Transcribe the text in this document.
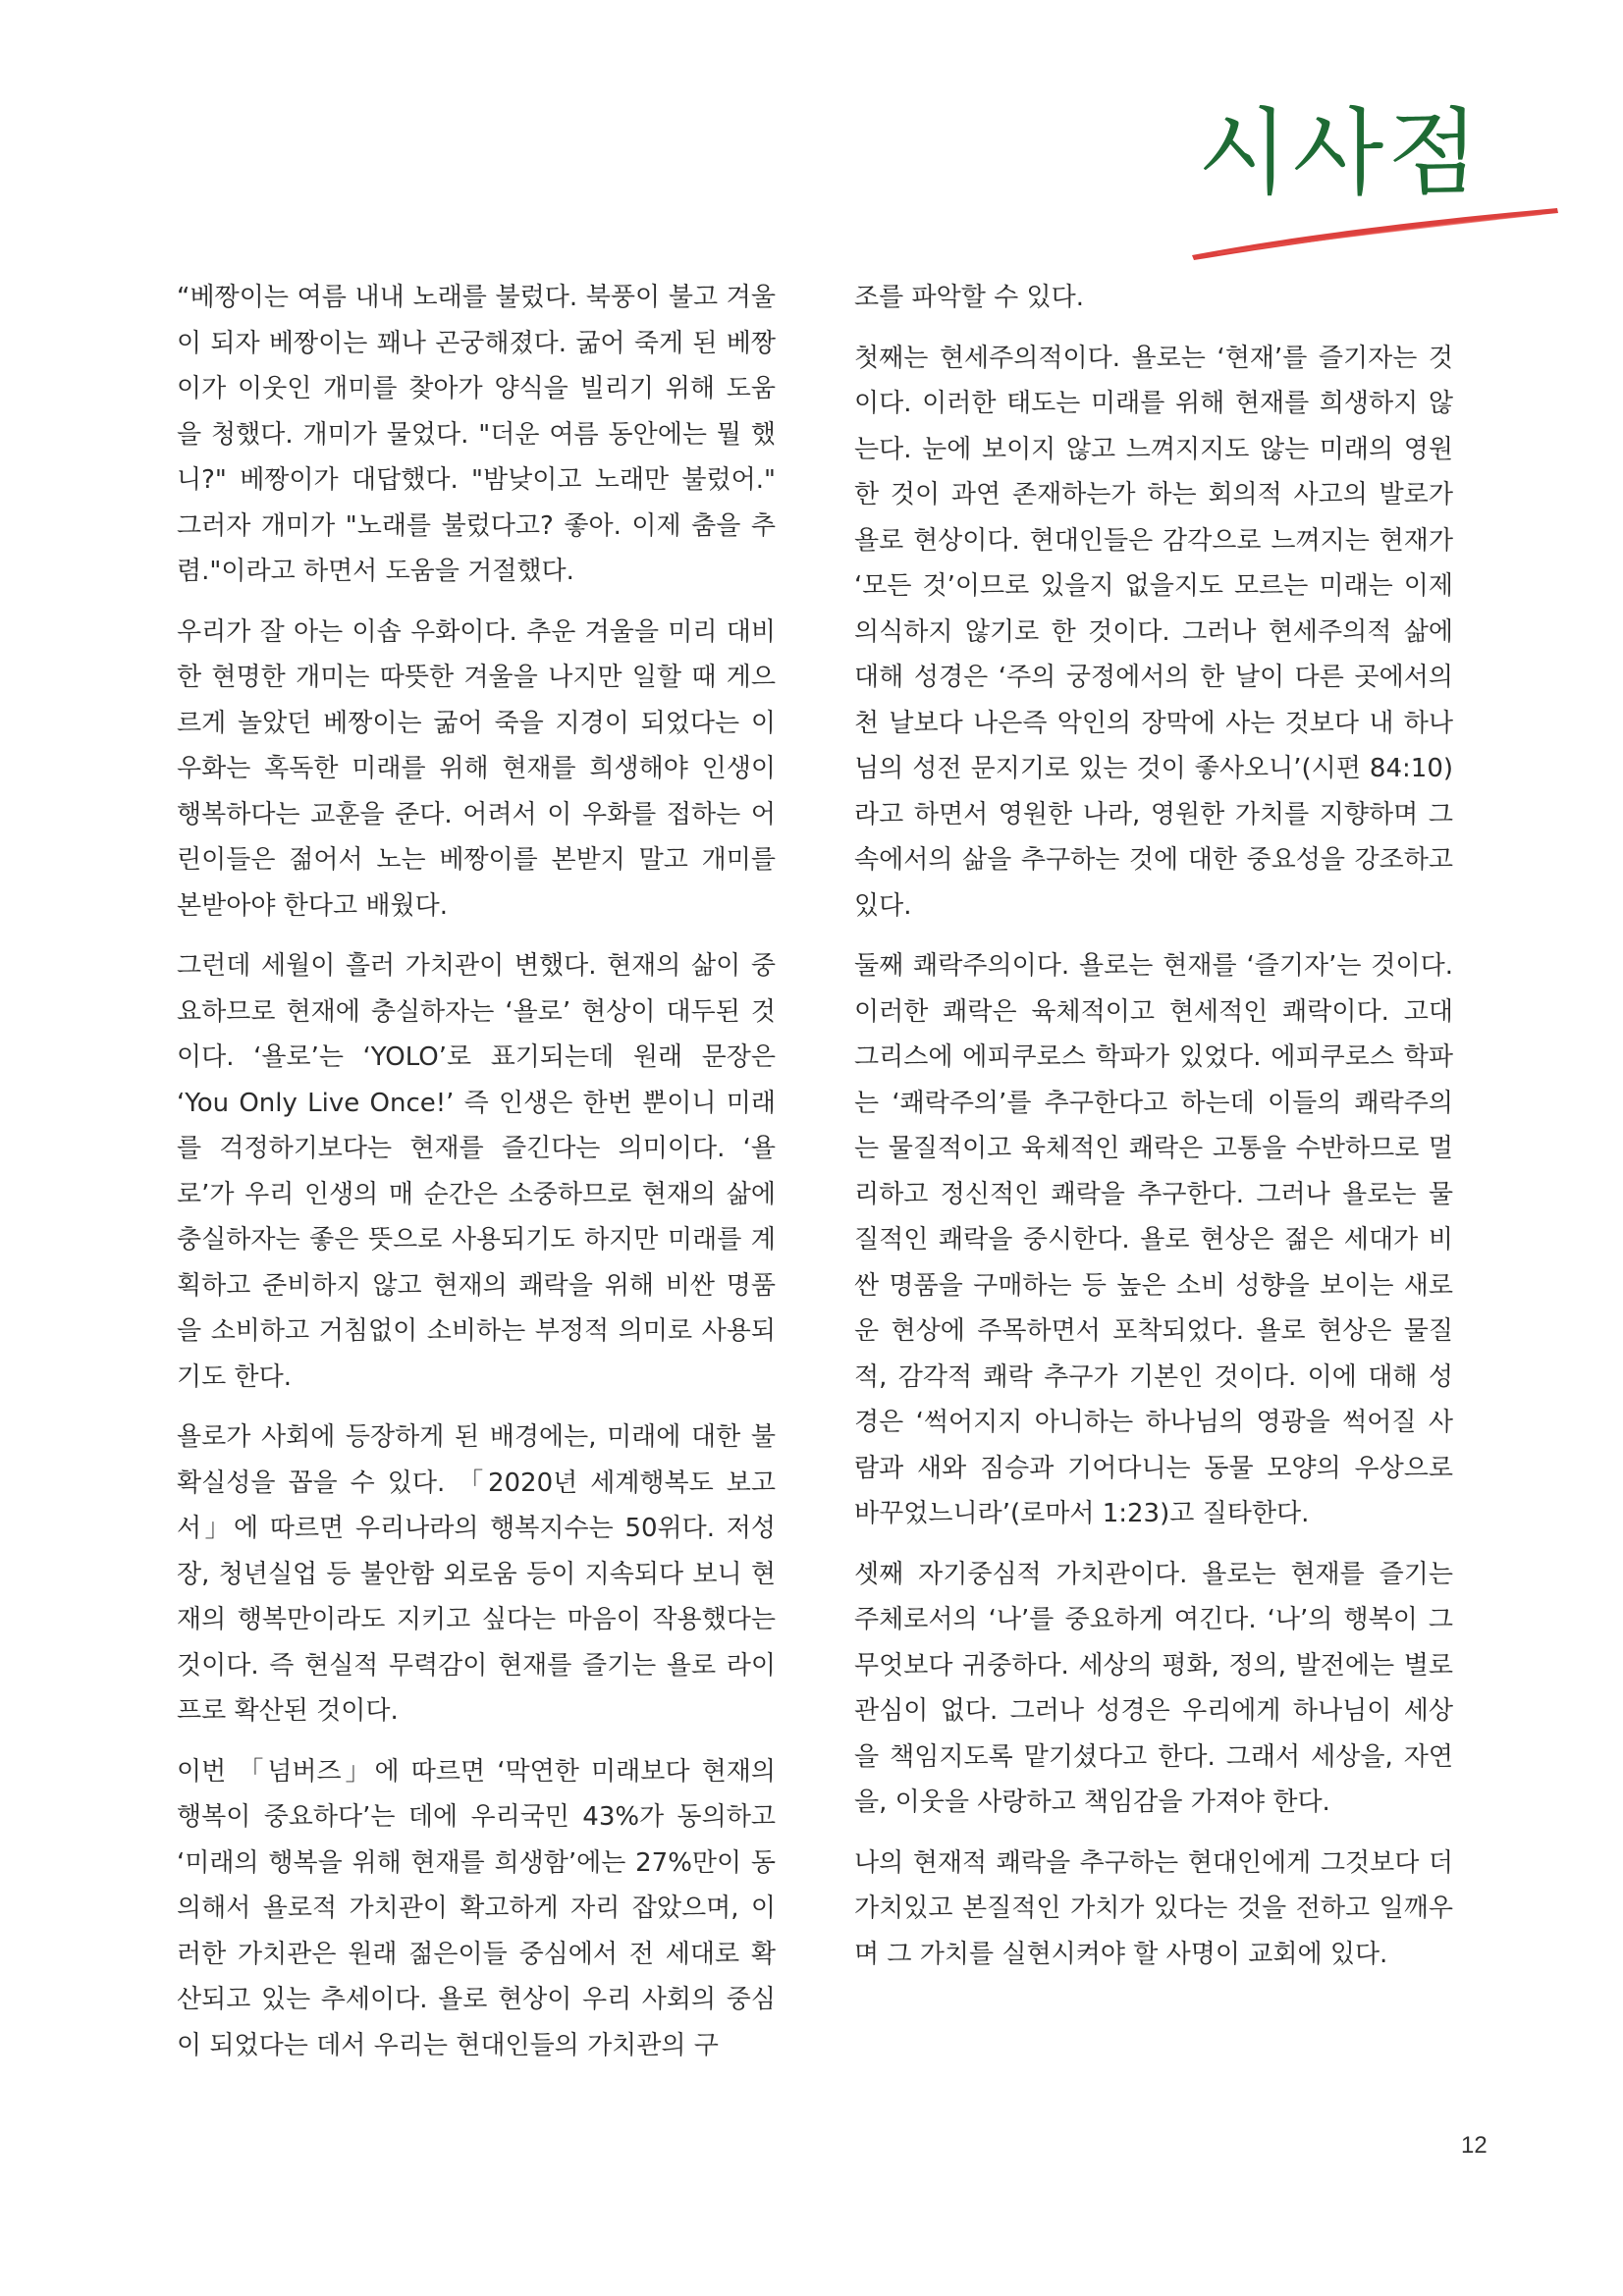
시사점

“베짱이는 여름 내내 노래를 불렀다. 북풍이 불고 겨울이 되자 베짱이는 꽤나 곤궁해졌다. 굶어 죽게 된 베짱이가 이웃인 개미를 찾아가 양식을 빌리기 위해 도움을 청했다. 개미가 물었다. "더운 여름 동안에는 뭘 했니?" 베짱이가 대답했다. "밤낮이고 노래만 불렀어." 그러자 개미가 "노래를 불렀다고? 좋아. 이제 춤을 추렴."이라고 하면서 도움을 거절했다.

우리가 잘 아는 이솝 우화이다. 추운 겨울을 미리 대비한 현명한 개미는 따뜻한 겨울을 나지만 일할 때 게으르게 놀았던 베짱이는 굶어 죽을 지경이 되었다는 이 우화는 혹독한 미래를 위해 현재를 희생해야 인생이 행복하다는 교훈을 준다. 어려서 이 우화를 접하는 어린이들은 젊어서 노는 베짱이를 본받지 말고 개미를 본받아야 한다고 배웠다.

그런데 세월이 흘러 가치관이 변했다. 현재의 삶이 중요하므로 현재에 충실하자는 ‘욜로’ 현상이 대두된 것이다. ‘욜로’는 ‘YOLO’로 표기되는데 원래 문장은 ‘You Only Live Once!’ 즉 인생은 한번 뿐이니 미래를 걱정하기보다는 현재를 즐긴다는 의미이다. ‘욜로’가 우리 인생의 매 순간은 소중하므로 현재의 삶에 충실하자는 좋은 뜻으로 사용되기도 하지만 미래를 계획하고 준비하지 않고 현재의 쾌락을 위해 비싼 명품을 소비하고 거침없이 소비하는 부정적 의미로 사용되기도 한다.

욜로가 사회에 등장하게 된 배경에는, 미래에 대한 불확실성을 꼽을 수 있다. 「2020년 세계행복도 보고서」에 따르면 우리나라의 행복지수는 50위다. 저성장, 청년실업 등 불안함 외로움 등이 지속되다 보니 현재의 행복만이라도 지키고 싶다는 마음이 작용했다는 것이다. 즉 현실적 무력감이 현재를 즐기는 욜로 라이프로 확산된 것이다.

이번 「넘버즈」에 따르면 ‘막연한 미래보다 현재의 행복이 중요하다’는 데에 우리국민 43%가 동의하고 ‘미래의 행복을 위해 현재를 희생함’에는 27%만이 동의해서 욜로적 가치관이 확고하게 자리 잡았으며, 이러한 가치관은 원래 젊은이들 중심에서 전 세대로 확산되고 있는 추세이다. 욜로 현상이 우리 사회의 중심이 되었다는 데서 우리는 현대인들의 가치관의 구

조를 파악할 수 있다.

첫째는 현세주의적이다. 욜로는 ‘현재’를 즐기자는 것이다. 이러한 태도는 미래를 위해 현재를 희생하지 않는다. 눈에 보이지 않고 느껴지지도 않는 미래의 영원한 것이 과연 존재하는가 하는 회의적 사고의 발로가 욜로 현상이다. 현대인들은 감각으로 느껴지는 현재가 ‘모든 것’이므로 있을지 없을지도 모르는 미래는 이제 의식하지 않기로 한 것이다. 그러나 현세주의적 삶에 대해 성경은 ‘주의 궁정에서의 한 날이 다른 곳에서의 천 날보다 나은즉 악인의 장막에 사는 것보다 내 하나님의 성전 문지기로 있는 것이 좋사오니’(시편 84:10)라고 하면서 영원한 나라, 영원한 가치를 지향하며 그 속에서의 삶을 추구하는 것에 대한 중요성을 강조하고 있다.

둘째 쾌락주의이다. 욜로는 현재를 ‘즐기자’는 것이다. 이러한 쾌락은 육체적이고 현세적인 쾌락이다. 고대 그리스에 에피쿠로스 학파가 있었다. 에피쿠로스 학파는 ‘쾌락주의’를 추구한다고 하는데 이들의 쾌락주의는 물질적이고 육체적인 쾌락은 고통을 수반하므로 멀리하고 정신적인 쾌락을 추구한다. 그러나 욜로는 물질적인 쾌락을 중시한다. 욜로 현상은 젊은 세대가 비싼 명품을 구매하는 등 높은 소비 성향을 보이는 새로운 현상에 주목하면서 포착되었다. 욜로 현상은 물질적, 감각적 쾌락 추구가 기본인 것이다. 이에 대해 성경은 ‘썩어지지 아니하는 하나님의 영광을 썩어질 사람과 새와 짐승과 기어다니는 동물 모양의 우상으로 바꾸었느니라’(로마서 1:23)고 질타한다.

셋째 자기중심적 가치관이다. 욜로는 현재를 즐기는 주체로서의 ‘나’를 중요하게 여긴다. ‘나’의 행복이 그 무엇보다 귀중하다. 세상의 평화, 정의, 발전에는 별로 관심이 없다. 그러나 성경은 우리에게 하나님이 세상을 책임지도록 맡기셨다고 한다. 그래서 세상을, 자연을, 이웃을 사랑하고 책임감을 가져야 한다.

나의 현재적 쾌락을 추구하는 현대인에게 그것보다 더 가치있고 본질적인 가치가 있다는 것을 전하고 일깨우며 그 가치를 실현시켜야 할 사명이 교회에 있다.

12
